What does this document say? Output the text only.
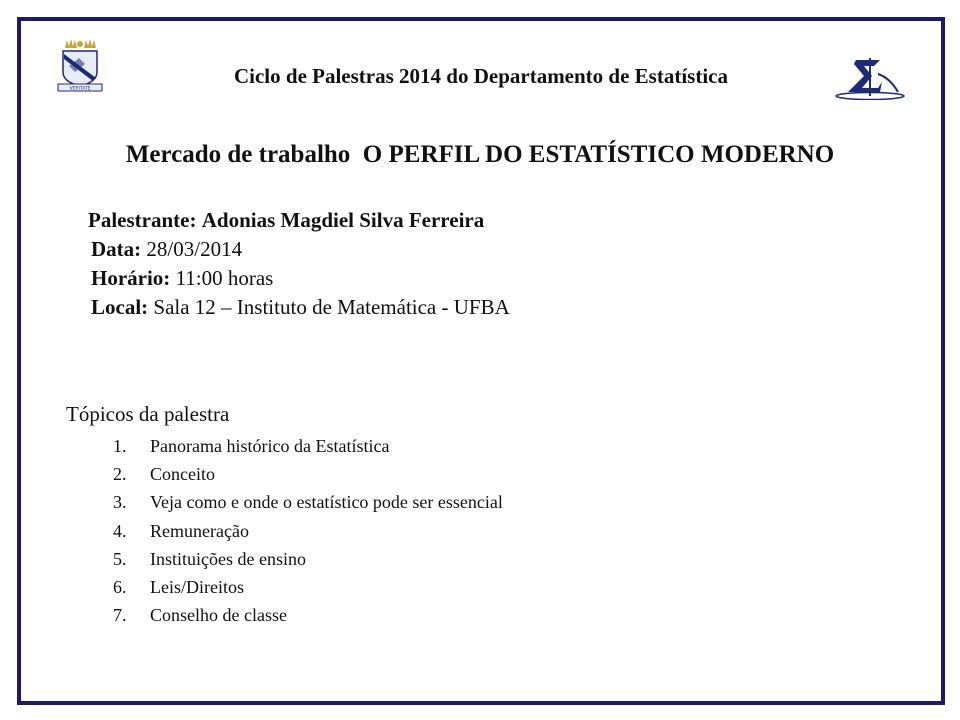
VERITATE
Ciclo de Palestras 2014 do Departamento de Estatística
Mercado de trabalho  O PERFIL DO ESTATÍSTICO MODERNO
Palestrante: Adonias Magdiel Silva Ferreira
Data: 28/03/2014
Horário: 11:00 horas
Local: Sala 12 – Instituto de Matemática - UFBA
Tópicos da palestra
1. Panorama histórico da Estatística
2. Conceito
3. Veja como e onde o estatístico pode ser essencial
4. Remuneração
5. Instituições de ensino
6. Leis/Direitos
7. Conselho de classe
